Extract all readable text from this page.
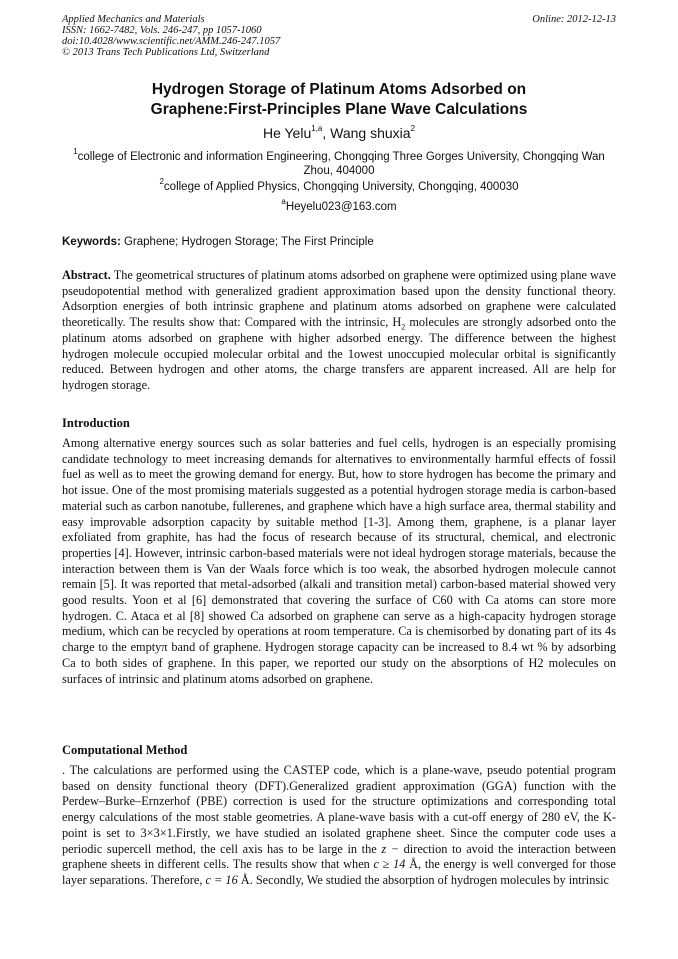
Applied Mechanics and Materials
ISSN: 1662-7482, Vols. 246-247, pp 1057-1060
doi:10.4028/www.scientific.net/AMM.246-247.1057
© 2013 Trans Tech Publications Ltd, Switzerland
Online: 2012-12-13
Hydrogen Storage of Platinum Atoms Adsorbed on
Graphene:First-Principles Plane Wave Calculations
He Yelu$^{1,a}$, Wang shuxia$^2$
$^1$college of Electronic and information Engineering, Chongqing Three Gorges University, Chongqing Wan Zhou, 404000
$^2$college of Applied Physics, Chongqing University, Chongqing, 400030
$^a$Heyelu023@163.com
Keywords: Graphene; Hydrogen Storage; The First Principle

Abstract. The geometrical structures of platinum atoms adsorbed on graphene were optimized using plane wave pseudopotential method with generalized gradient approximation based upon the density functional theory. Adsorption energies of both intrinsic graphene and platinum atoms adsorbed on graphene were calculated theoretically. The results show that: Compared with the intrinsic, $H_2$ molecules are strongly adsorbed onto the platinum atoms adsorbed on graphene with higher adsorbed energy. The difference between the highest hydrogen molecule occupied molecular orbital and the 1owest unoccupied molecular orbital is significantly reduced. Between hydrogen and other atoms, the charge transfers are apparent increased. All are help for hydrogen storage.

Introduction

Among alternative energy sources such as solar batteries and fuel cells, hydrogen is an especially promising candidate technology to meet increasing demands for alternatives to environmentally harmful effects of fossil fuel as well as to meet the growing demand for energy. But, how to store hydrogen has become the primary and hot issue. One of the most promising materials suggested as a potential hydrogen storage media is carbon-based material such as carbon nanotube, fullerenes, and graphene which have a high surface area, thermal stability and easy improvable adsorption capacity by suitable method [1-3]. Among them, graphene, is a planar layer exfoliated from graphite, has had the focus of research because of its structural, chemical, and electronic properties [4]. However, intrinsic carbon-based materials were not ideal hydrogen storage materials, because the interaction between them is Van der Waals force which is too weak, the absorbed hydrogen molecule cannot remain [5]. It was reported that metal-adsorbed (alkali and transition metal) carbon-based material showed very good results. Yoon et al [6] demonstrated that covering the surface of C60 with Ca atoms can store more hydrogen. C. Ataca et al [8] showed Ca adsorbed on graphene can serve as a high-capacity hydrogen storage medium, which can be recycled by operations at room temperature. Ca is chemisorbed by donating part of its 4s charge to the emptyπ band of graphene. Hydrogen storage capacity can be increased to 8.4 wt % by adsorbing Ca to both sides of graphene. In this paper, we reported our study on the absorptions of H2 molecules on surfaces of intrinsic and platinum atoms adsorbed on graphene.

Computational Method

. The calculations are performed using the CASTEP code, which is a plane-wave, pseudo potential program based on density functional theory (DFT).Generalized gradient approximation (GGA) function with the Perdew–Burke–Ernzerhof (PBE) correction is used for the structure optimizations and corresponding total energy calculations of the most stable geometries. A plane-wave basis with a cut-off energy of 280 eV, the K-point is set to 3×3×1.Firstly, we have studied an isolated graphene sheet. Since the computer code uses a periodic supercell method, the cell axis has to be large in the z − direction to avoid the interaction between graphene sheets in different cells. The results show that when c ≥ 14 Å, the energy is well converged for those layer separations. Therefore, c = 16 Å. Secondly, We studied the absorption of hydrogen molecules by intrinsic
